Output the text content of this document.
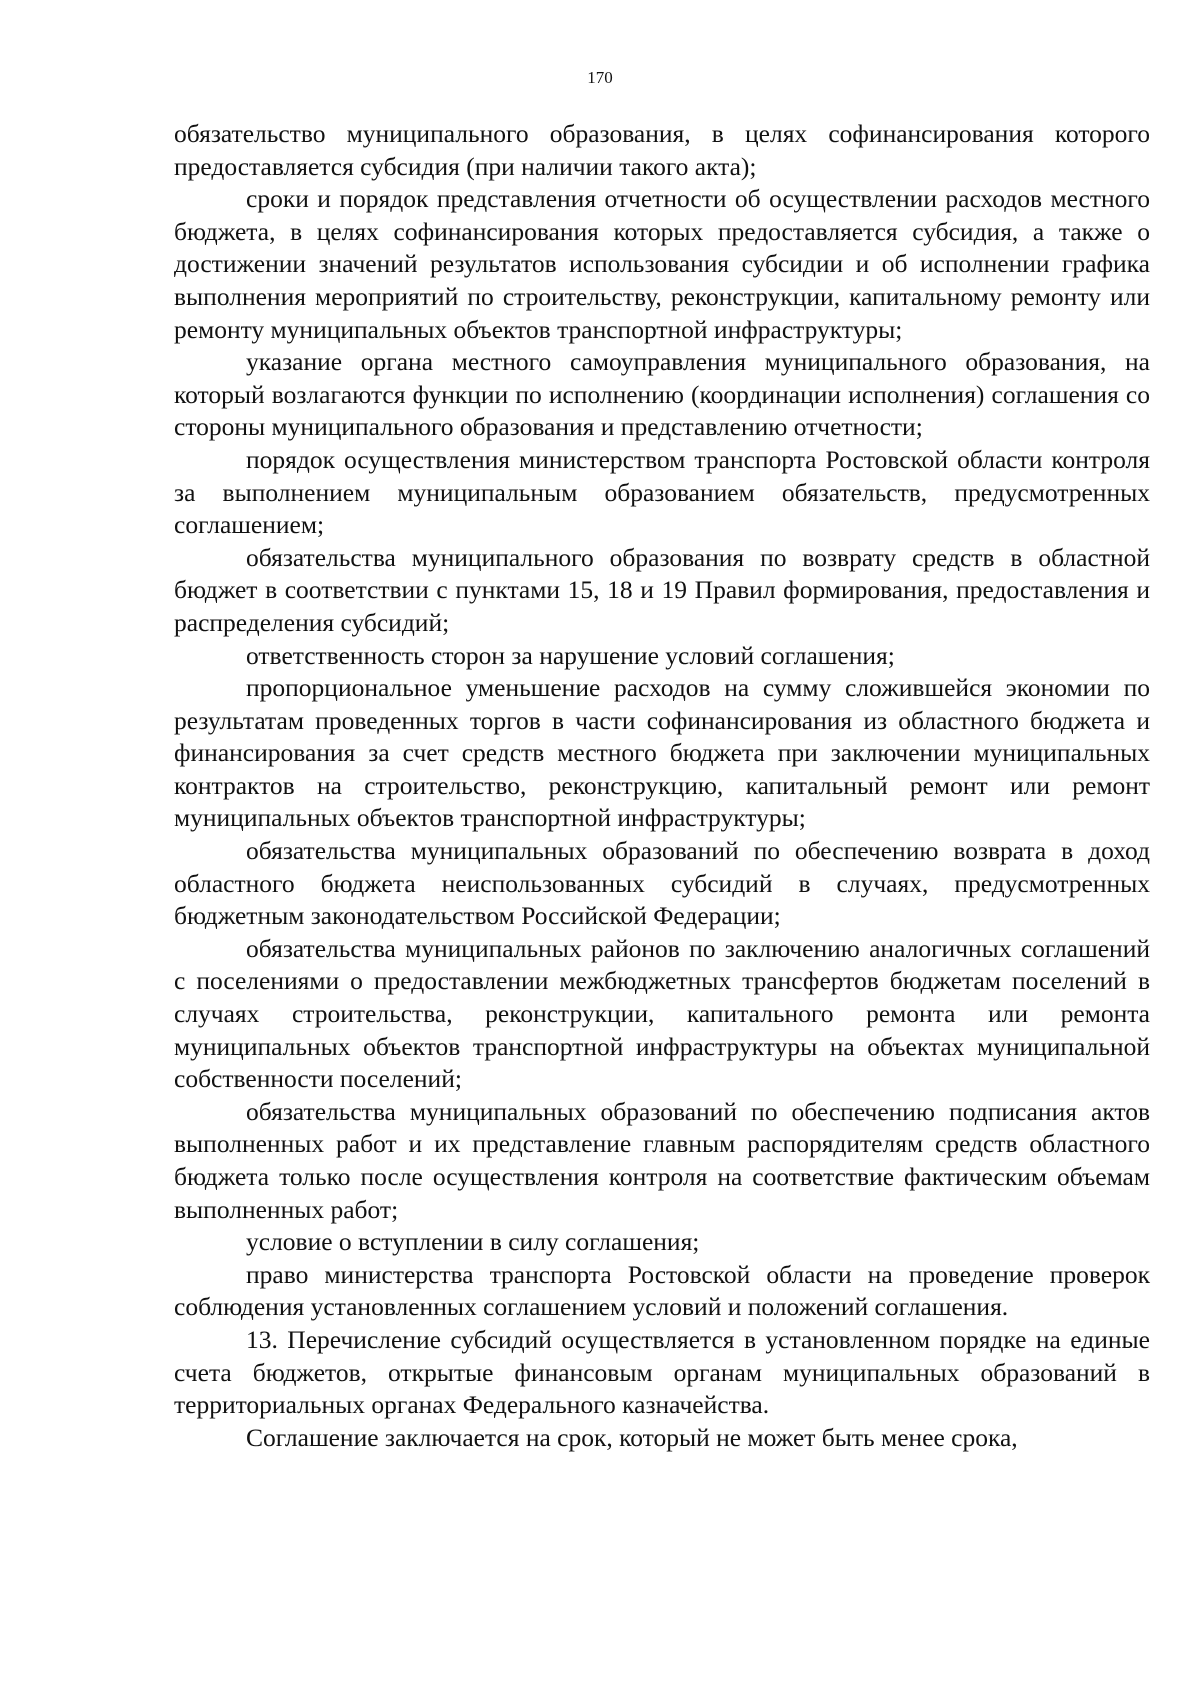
170

обязательство муниципального образования, в целях софинансирования которого предоставляется субсидия (при наличии такого акта);

сроки и порядок представления отчетности об осуществлении расходов местного бюджета, в целях софинансирования которых предоставляется субсидия, а также о достижении значений результатов использования субсидии и об исполнении графика выполнения мероприятий по строительству, реконструкции, капитальному ремонту или ремонту муниципальных объектов транспортной инфраструктуры;

указание органа местного самоуправления муниципального образования, на который возлагаются функции по исполнению (координации исполнения) соглашения со стороны муниципального образования и представлению отчетности;

порядок осуществления министерством транспорта Ростовской области контроля за выполнением муниципальным образованием обязательств, предусмотренных соглашением;

обязательства муниципального образования по возврату средств в областной бюджет в соответствии с пунктами 15, 18 и 19 Правил формирования, предоставления и распределения субсидий;

ответственность сторон за нарушение условий соглашения;

пропорциональное уменьшение расходов на сумму сложившейся экономии по результатам проведенных торгов в части софинансирования из областного бюджета и финансирования за счет средств местного бюджета при заключении муниципальных контрактов на строительство, реконструкцию, капитальный ремонт или ремонт муниципальных объектов транспортной инфраструктуры;

обязательства муниципальных образований по обеспечению возврата в доход областного бюджета неиспользованных субсидий в случаях, предусмотренных бюджетным законодательством Российской Федерации;

обязательства муниципальных районов по заключению аналогичных соглашений с поселениями о предоставлении межбюджетных трансфертов бюджетам поселений в случаях строительства, реконструкции, капитального ремонта или ремонта муниципальных объектов транспортной инфраструктуры на объектах муниципальной собственности поселений;

обязательства муниципальных образований по обеспечению подписания актов выполненных работ и их представление главным распорядителям средств областного бюджета только после осуществления контроля на соответствие фактическим объемам выполненных работ;

условие о вступлении в силу соглашения;

право министерства транспорта Ростовской области на проведение проверок соблюдения установленных соглашением условий и положений соглашения.

13. Перечисление субсидий осуществляется в установленном порядке на единые счета бюджетов, открытые финансовым органам муниципальных образований в территориальных органах Федерального казначейства.

Соглашение заключается на срок, который не может быть менее срока,
